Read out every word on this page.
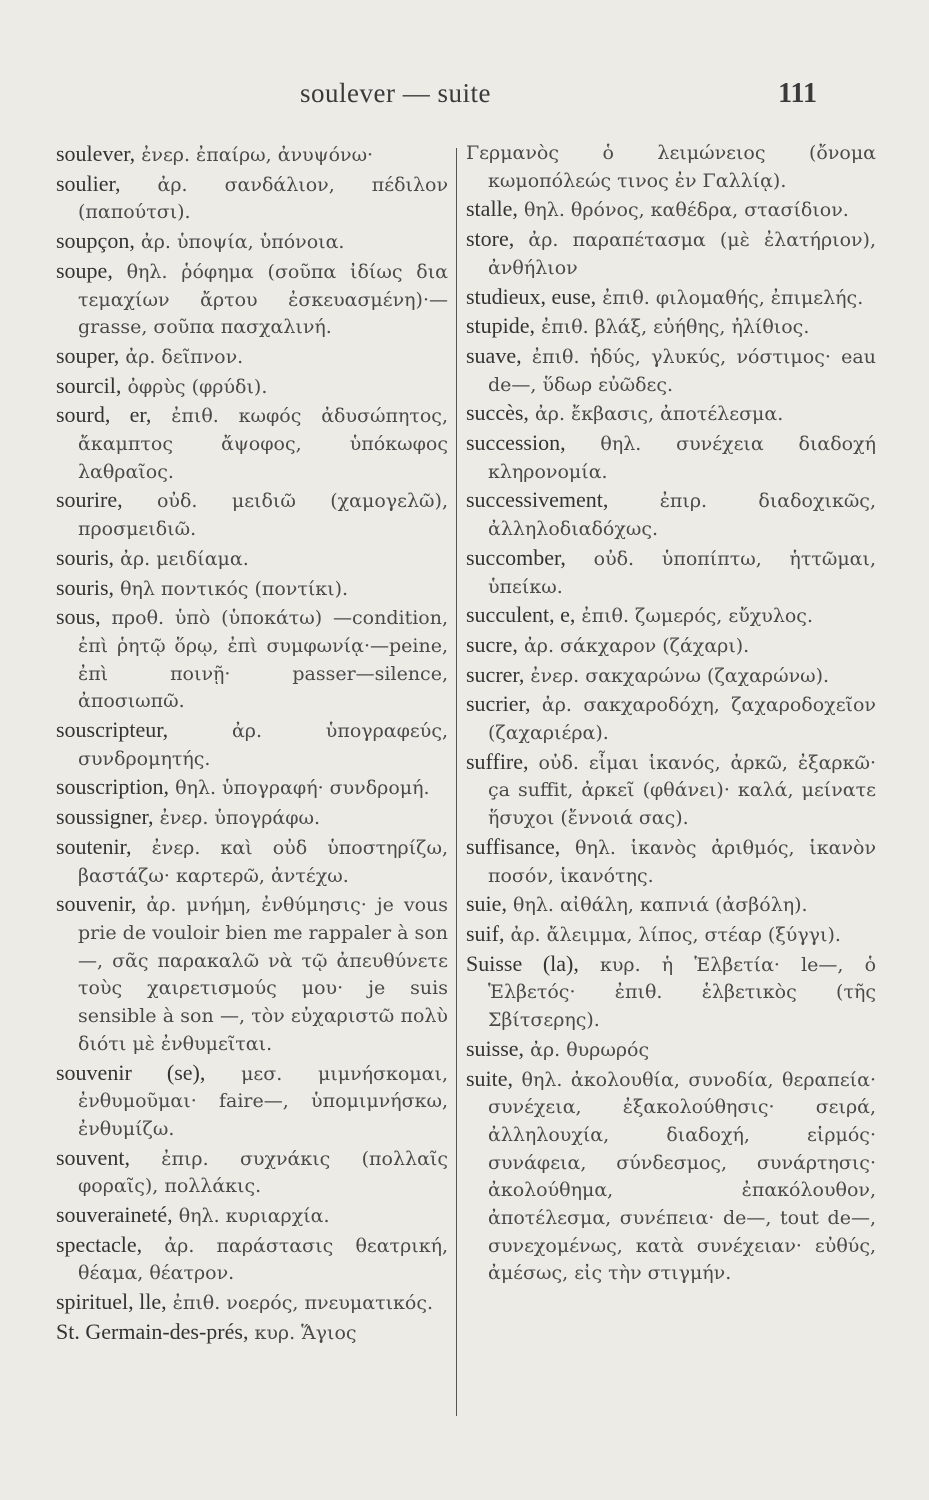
soulever — suite	111

soulever, ἐνερ. ἐπαίρω, ἀνυψόνω·

soulier, ἀρ. σανδάλιον, πέδιλον (παπούτσι).

soupçon, ἀρ. ὑποψία, ὑπόνοια.

soupe, θηλ. ῥόφημα (σοῦπα ἰδίως δια τεμαχίων ἄρτου ἐσκευασμένη)·—grasse, σοῦπα πασχαλινή.

souper, ἀρ. δεῖπνον.

sourcil, ὀφρὺς (φρύδι).

sourd, er, ἐπιθ. κωφός ἀδυσώπητος, ἄκαμπτος ἄψοφος, ὑπόκωφος λαθραῖος.

sourire, οὐδ. μειδιῶ (χαμογελῶ), προσμειδιῶ.

souris, ἀρ. μειδίαμα.

souris, θηλ ποντικός (ποντίκι).

sous, προθ. ὑπὸ (ὑποκάτω) —condition, ἐπὶ ῥητῷ ὅρῳ, ἐπὶ συμφωνίᾳ·—peine, ἐπὶ ποινῇ· passer—silence, ἀποσιωπῶ.

souscripteur,	ἀρ. ὑπογραφεύς, συνδρομητής.

souscription, θηλ. ὑπογραφή· συνδρομή.

soussigner, ἐνερ. ὑπογράφω.

soutenir, ἐνερ. καὶ οὐδ ὑποστηρίζω, βαστάζω· καρτερῶ, ἀντέχω.

souvenir, ἀρ. μνήμη, ἐνθύμησις· je vous prie de vouloir bien me rappaler à son—, σᾶς παρακαλῶ νὰ τῷ ἀπευθύνετε τοὺς χαιρετισμούς μου· je suis sensible à son —, τὸν εὐχαριστῶ πολὺ διότι μὲ ἐνθυμεῖται.

souvenir (se), μεσ. μιμνήσκομαι, ἐνθυμοῦμαι· faire—, ὑπομιμνήσκω, ἐνθυμίζω.

souvent, ἐπιρ. συχνάκις (πολλαῖς φοραῖς), πολλάκις.

souveraineté, θηλ. κυριαρχία.

spectacle, ἀρ. παράστασις θεατρική, θέαμα, θέατρον.

spirituel, lle, ἐπιθ. νοερός, πνευματικός.

St. Germain-des-prés, κυρ. Ἅγιος

Γερμανὸς ὁ λειμώνειος (ὄνομα κωμοπόλεώς τινος ἐν Γαλλίᾳ).

stalle, θηλ. θρόνος, καθέδρα, στασίδιον.

store, ἀρ. παραπέτασμα (μὲ ἐλατήριον), ἀνθήλιον

studieux, euse, ἐπιθ. φιλομαθής, ἐπιμελής.

stupide, ἐπιθ. βλάξ, εὐήθης, ἠλίθιος.

suave, ἐπιθ. ἡδύς, γλυκύς, νόστιμος· eau de—, ὕδωρ εὐῶδες.

succès, ἀρ. ἔκβασις, ἀποτέλεσμα.

succession, θηλ. συνέχεια διαδοχή κληρονομία.

successivement,	ἐπιρ. διαδοχικῶς, ἀλληλοδιαδόχως.

succomber, οὐδ. ὑποπίπτω, ἡττῶμαι, ὑπείκω.

succulent, e, ἐπιθ. ζωμερός, εὔχυλος.

sucre, ἀρ. σάκχαρον (ζάχαρι).

sucrer, ἐνερ. σακχαρώνω (ζαχαρώνω).

sucrier, ἀρ. σακχαροδόχη, ζαχαροδοχεῖον (ζαχαριέρα).

suffire, οὐδ. εἶμαι ἱκανός, ἀρκῶ, ἐξαρκῶ· ça suffit, ἀρκεῖ (φθάνει)· καλά, μείνατε ἥσυχοι (ἔννοιά σας).

suffisance, θηλ. ἱκανὸς ἀριθμός, ἱκανὸν ποσόν, ἱκανότης.

suie, θηλ. αἰθάλη, καπνιά (ἀσβόλη).

suif, ἀρ. ἄλειμμα, λίπος, στέαρ (ξύγγι).

Suisse (la), κυρ. ἡ Ἑλβετία· le—, ὁ Ἑλβετός· ἐπιθ. ἑλβετικὸς (τῆς Σβίτσερης).

suisse, ἀρ. θυρωρός

suite, θηλ. ἀκολουθία, συνοδία, θεραπεία· συνέχεια, ἐξακολούθησις· σειρά, ἀλληλουχία, διαδοχή, εἱρμός· συνάφεια, σύνδεσμος, συνάρτησις· ἀκολούθημα, ἐπακόλουθον, ἀποτέλεσμα, συνέπεια· de—, tout de—, συνεχομένως, κατὰ συνέχειαν· εὐθύς, ἀμέσως, εἰς τὴν στιγμήν.
